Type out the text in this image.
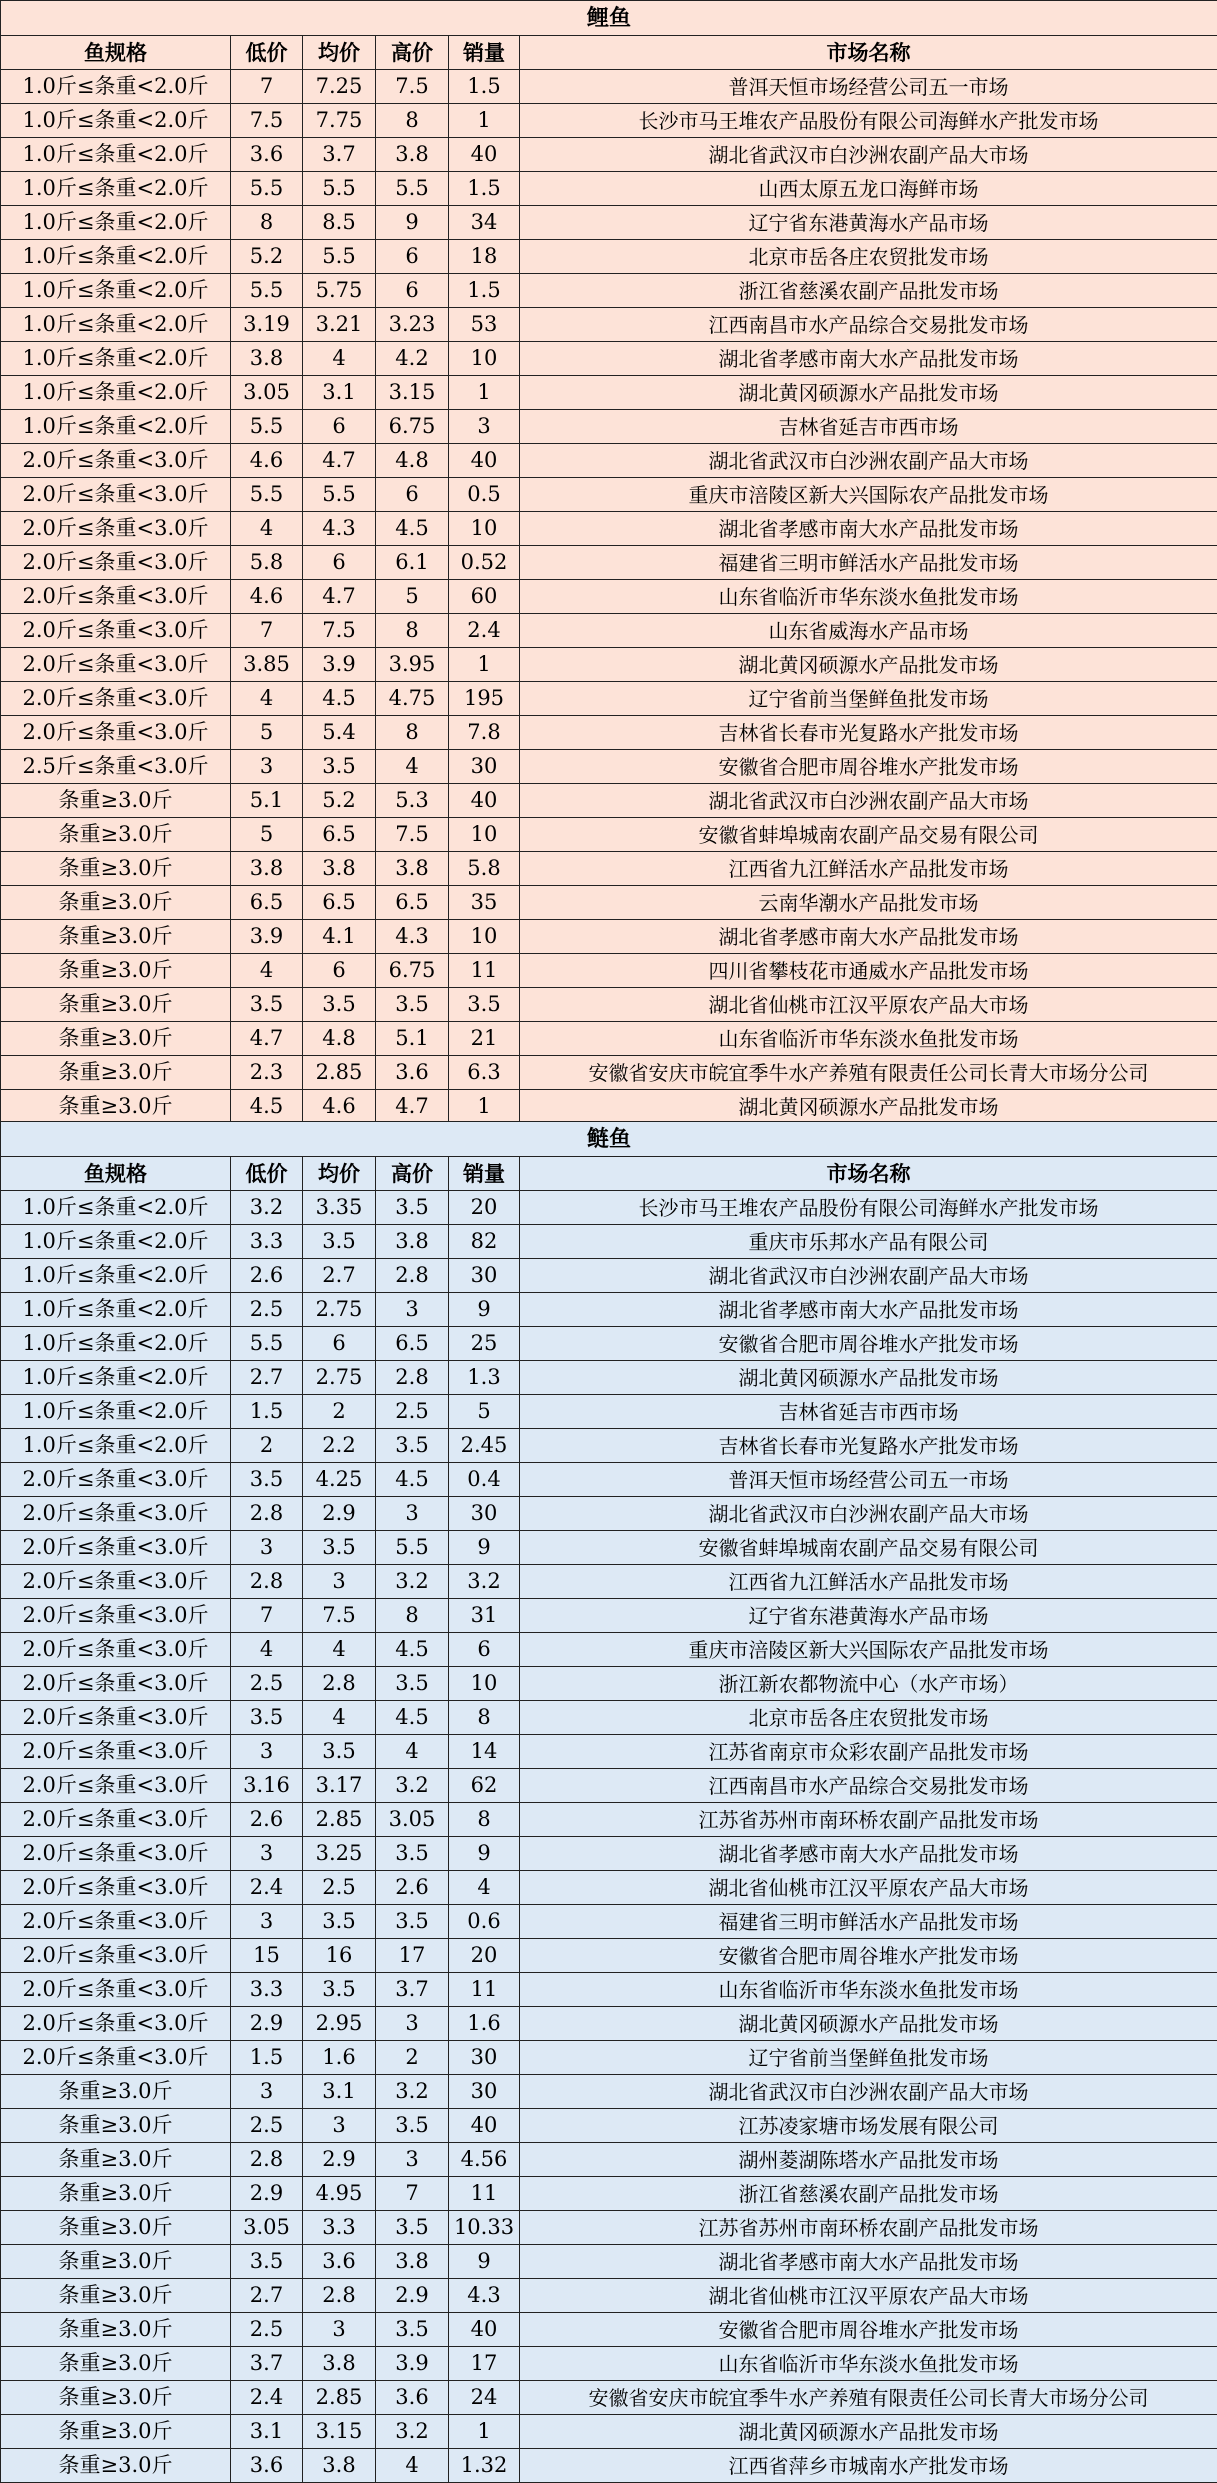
鲤鱼					
鱼规格	低价	均价	高价	销量	市场名称
1.0斤≤条重<2.0斤	7	7.25	7.5	1.5	普洱天恒市场经营公司五一市场
1.0斤≤条重<2.0斤	7.5	7.75	8	1	长沙市马王堆农产品股份有限公司海鲜水产批发市场
1.0斤≤条重<2.0斤	3.6	3.7	3.8	40	湖北省武汉市白沙洲农副产品大市场
1.0斤≤条重<2.0斤	5.5	5.5	5.5	1.5	山西太原五龙口海鲜市场
1.0斤≤条重<2.0斤	8	8.5	9	34	辽宁省东港黄海水产品市场
1.0斤≤条重<2.0斤	5.2	5.5	6	18	北京市岳各庄农贸批发市场
1.0斤≤条重<2.0斤	5.5	5.75	6	1.5	浙江省慈溪农副产品批发市场
1.0斤≤条重<2.0斤	3.19	3.21	3.23	53	江西南昌市水产品综合交易批发市场
1.0斤≤条重<2.0斤	3.8	4	4.2	10	湖北省孝感市南大水产品批发市场
1.0斤≤条重<2.0斤	3.05	3.1	3.15	1	湖北黄冈硕源水产品批发市场
1.0斤≤条重<2.0斤	5.5	6	6.75	3	吉林省延吉市西市场
2.0斤≤条重<3.0斤	4.6	4.7	4.8	40	湖北省武汉市白沙洲农副产品大市场
2.0斤≤条重<3.0斤	5.5	5.5	6	0.5	重庆市涪陵区新大兴国际农产品批发市场
2.0斤≤条重<3.0斤	4	4.3	4.5	10	湖北省孝感市南大水产品批发市场
2.0斤≤条重<3.0斤	5.8	6	6.1	0.52	福建省三明市鲜活水产品批发市场
2.0斤≤条重<3.0斤	4.6	4.7	5	60	山东省临沂市华东淡水鱼批发市场
2.0斤≤条重<3.0斤	7	7.5	8	2.4	山东省威海水产品市场
2.0斤≤条重<3.0斤	3.85	3.9	3.95	1	湖北黄冈硕源水产品批发市场
2.0斤≤条重<3.0斤	4	4.5	4.75	195	辽宁省前当堡鲜鱼批发市场
2.0斤≤条重<3.0斤	5	5.4	8	7.8	吉林省长春市光复路水产批发市场
2.5斤≤条重<3.0斤	3	3.5	4	30	安徽省合肥市周谷堆水产批发市场
条重≥3.0斤	5.1	5.2	5.3	40	湖北省武汉市白沙洲农副产品大市场
条重≥3.0斤	5	6.5	7.5	10	安徽省蚌埠城南农副产品交易有限公司
条重≥3.0斤	3.8	3.8	3.8	5.8	江西省九江鲜活水产品批发市场
条重≥3.0斤	6.5	6.5	6.5	35	云南华潮水产品批发市场
条重≥3.0斤	3.9	4.1	4.3	10	湖北省孝感市南大水产品批发市场
条重≥3.0斤	4	6	6.75	11	四川省攀枝花市通威水产品批发市场
条重≥3.0斤	3.5	3.5	3.5	3.5	湖北省仙桃市江汉平原农产品大市场
条重≥3.0斤	4.7	4.8	5.1	21	山东省临沂市华东淡水鱼批发市场
条重≥3.0斤	2.3	2.85	3.6	6.3	安徽省安庆市皖宜季牛水产养殖有限责任公司长青大市场分公司
条重≥3.0斤	4.5	4.6	4.7	1	湖北黄冈硕源水产品批发市场
鲢鱼					
鱼规格	低价	均价	高价	销量	市场名称
1.0斤≤条重<2.0斤	3.2	3.35	3.5	20	长沙市马王堆农产品股份有限公司海鲜水产批发市场
1.0斤≤条重<2.0斤	3.3	3.5	3.8	82	重庆市乐邦水产品有限公司
1.0斤≤条重<2.0斤	2.6	2.7	2.8	30	湖北省武汉市白沙洲农副产品大市场
1.0斤≤条重<2.0斤	2.5	2.75	3	9	湖北省孝感市南大水产品批发市场
1.0斤≤条重<2.0斤	5.5	6	6.5	25	安徽省合肥市周谷堆水产批发市场
1.0斤≤条重<2.0斤	2.7	2.75	2.8	1.3	湖北黄冈硕源水产品批发市场
1.0斤≤条重<2.0斤	1.5	2	2.5	5	吉林省延吉市西市场
1.0斤≤条重<2.0斤	2	2.2	3.5	2.45	吉林省长春市光复路水产批发市场
2.0斤≤条重<3.0斤	3.5	4.25	4.5	0.4	普洱天恒市场经营公司五一市场
2.0斤≤条重<3.0斤	2.8	2.9	3	30	湖北省武汉市白沙洲农副产品大市场
2.0斤≤条重<3.0斤	3	3.5	5.5	9	安徽省蚌埠城南农副产品交易有限公司
2.0斤≤条重<3.0斤	2.8	3	3.2	3.2	江西省九江鲜活水产品批发市场
2.0斤≤条重<3.0斤	7	7.5	8	31	辽宁省东港黄海水产品市场
2.0斤≤条重<3.0斤	4	4	4.5	6	重庆市涪陵区新大兴国际农产品批发市场
2.0斤≤条重<3.0斤	2.5	2.8	3.5	10	浙江新农都物流中心（水产市场）
2.0斤≤条重<3.0斤	3.5	4	4.5	8	北京市岳各庄农贸批发市场
2.0斤≤条重<3.0斤	3	3.5	4	14	江苏省南京市众彩农副产品批发市场
2.0斤≤条重<3.0斤	3.16	3.17	3.2	62	江西南昌市水产品综合交易批发市场
2.0斤≤条重<3.0斤	2.6	2.85	3.05	8	江苏省苏州市南环桥农副产品批发市场
2.0斤≤条重<3.0斤	3	3.25	3.5	9	湖北省孝感市南大水产品批发市场
2.0斤≤条重<3.0斤	2.4	2.5	2.6	4	湖北省仙桃市江汉平原农产品大市场
2.0斤≤条重<3.0斤	3	3.5	3.5	0.6	福建省三明市鲜活水产品批发市场
2.0斤≤条重<3.0斤	15	16	17	20	安徽省合肥市周谷堆水产批发市场
2.0斤≤条重<3.0斤	3.3	3.5	3.7	11	山东省临沂市华东淡水鱼批发市场
2.0斤≤条重<3.0斤	2.9	2.95	3	1.6	湖北黄冈硕源水产品批发市场
2.0斤≤条重<3.0斤	1.5	1.6	2	30	辽宁省前当堡鲜鱼批发市场
条重≥3.0斤	3	3.1	3.2	30	湖北省武汉市白沙洲农副产品大市场
条重≥3.0斤	2.5	3	3.5	40	江苏凌家塘市场发展有限公司
条重≥3.0斤	2.8	2.9	3	4.56	湖州菱湖陈塔水产品批发市场
条重≥3.0斤	2.9	4.95	7	11	浙江省慈溪农副产品批发市场
条重≥3.0斤	3.05	3.3	3.5	10.33	江苏省苏州市南环桥农副产品批发市场
条重≥3.0斤	3.5	3.6	3.8	9	湖北省孝感市南大水产品批发市场
条重≥3.0斤	2.7	2.8	2.9	4.3	湖北省仙桃市江汉平原农产品大市场
条重≥3.0斤	2.5	3	3.5	40	安徽省合肥市周谷堆水产批发市场
条重≥3.0斤	3.7	3.8	3.9	17	山东省临沂市华东淡水鱼批发市场
条重≥3.0斤	2.4	2.85	3.6	24	安徽省安庆市皖宜季牛水产养殖有限责任公司长青大市场分公司
条重≥3.0斤	3.1	3.15	3.2	1	湖北黄冈硕源水产品批发市场
条重≥3.0斤	3.6	3.8	4	1.32	江西省萍乡市城南水产批发市场
